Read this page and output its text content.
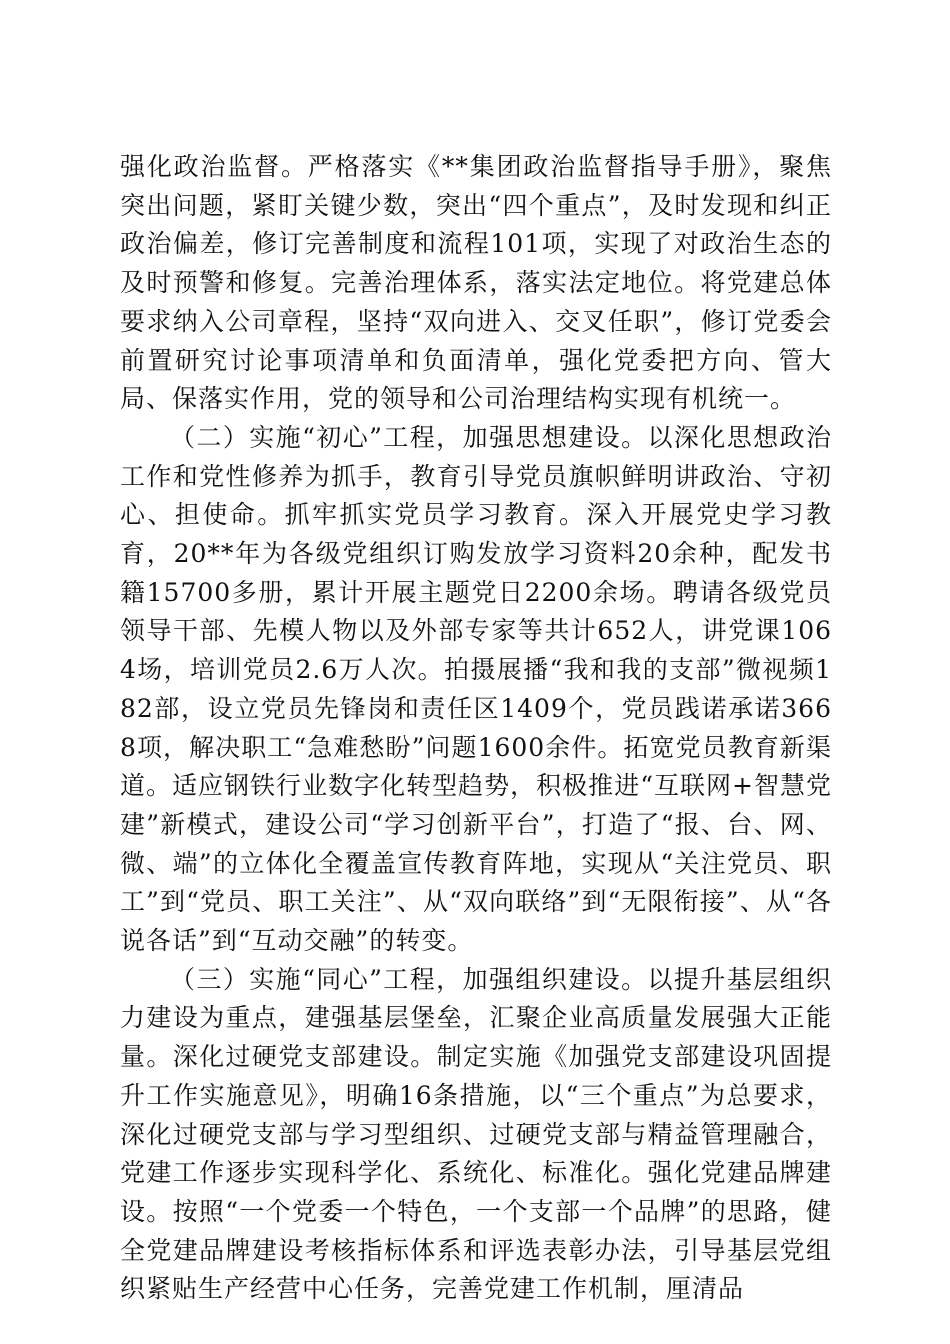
强化政治监督。严格落实《**集团政治监督指导手册》，聚焦突出问题，紧盯关键少数，突出“四个重点”，及时发现和纠正政治偏差，修订完善制度和流程101项，实现了对政治生态的及时预警和修复。完善治理体系，落实法定地位。将党建总体要求纳入公司章程，坚持“双向进入、交叉任职”，修订党委会前置研究讨论事项清单和负面清单，强化党委把方向、管大局、保落实作用，党的领导和公司治理结构实现有机统一。

（二）实施“初心”工程，加强思想建设。以深化思想政治工作和党性修养为抓手，教育引导党员旗帜鲜明讲政治、守初心、担使命。抓牢抓实党员学习教育。深入开展党史学习教育，20**年为各级党组织订购发放学习资料20余种，配发书籍15700多册，累计开展主题党日2200余场。聘请各级党员领导干部、先模人物以及外部专家等共计652人，讲党课1064场，培训党员2.6万人次。拍摄展播“我和我的支部”微视频182部，设立党员先锋岗和责任区1409个，党员践诺承诺3668项，解决职工“急难愁盼”问题1600余件。拓宽党员教育新渠道。适应钢铁行业数字化转型趋势，积极推进“互联网+智慧党建”新模式，建设公司“学习创新平台”，打造了“报、台、网、微、端”的立体化全覆盖宣传教育阵地，实现从“关注党员、职工”到“党员、职工关注”、从“双向联络”到“无限衔接”、从“各说各话”到“互动交融”的转变。

（三）实施“同心”工程，加强组织建设。以提升基层组织力建设为重点，建强基层堡垒，汇聚企业高质量发展强大正能量。深化过硬党支部建设。制定实施《加强党支部建设巩固提升工作实施意见》，明确16条措施，以“三个重点”为总要求，深化过硬党支部与学习型组织、过硬党支部与精益管理融合，党建工作逐步实现科学化、系统化、标准化。强化党建品牌建设。按照“一个党委一个特色，一个支部一个品牌”的思路，健全党建品牌建设考核指标体系和评选表彰办法，引导基层党组织紧贴生产经营中心任务，完善党建工作机制，厘清品
